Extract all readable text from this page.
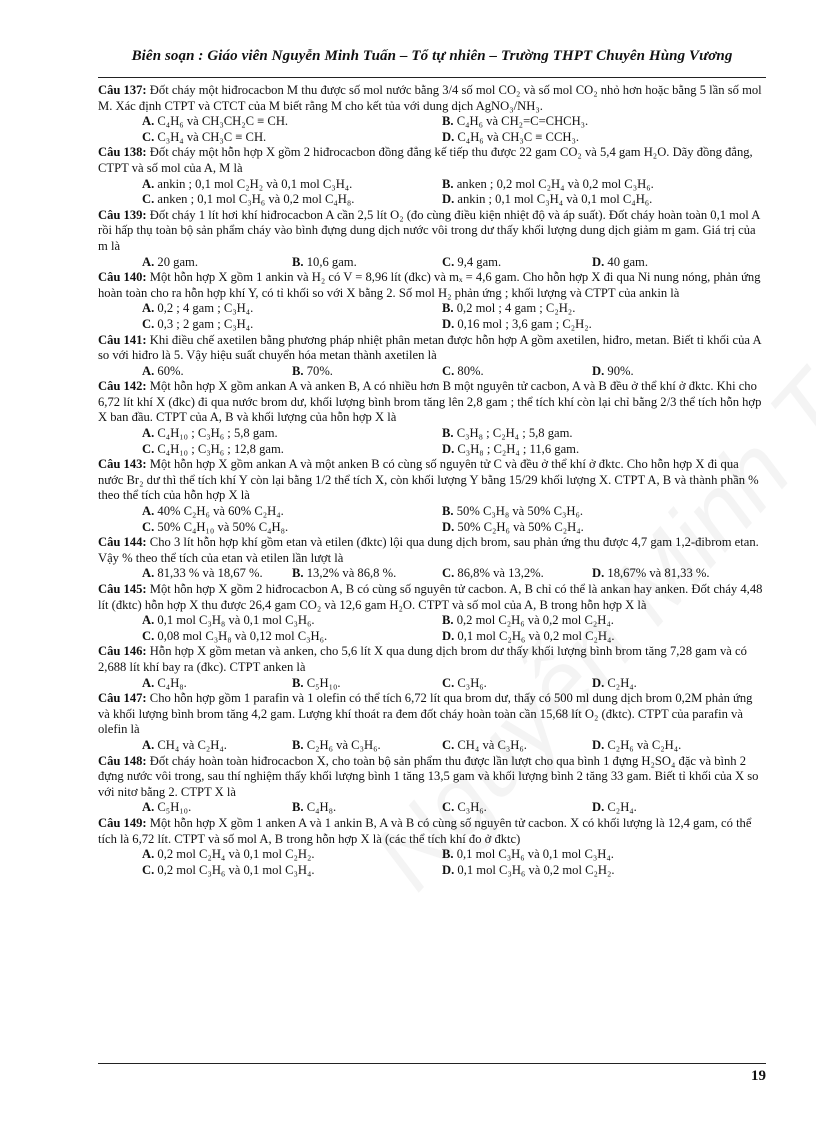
Biên soạn : Giáo viên Nguyễn Minh Tuấn – Tổ tự nhiên – Trường THPT Chuyên Hùng Vương

Câu 137: Đốt cháy một hiđrocacbon M thu được số mol nước bằng 3/4 số mol CO₂ và số mol CO₂ nhỏ hơn hoặc bằng 5 lần số mol M. Xác định CTPT và CTCT của M biết rằng M cho kết tủa với dung dịch AgNO₃/NH₃.

A. C₄H₆ và CH₃CH₂C ≡ CH.	B. C₄H₆ và CH₂=C=CHCH₃.
C. C₃H₄ và CH₃C ≡ CH.	D. C₄H₆ và CH₃C ≡ CCH₃.

Câu 138: Đốt cháy một hỗn hợp X gồm 2 hiđrocacbon đồng đẳng kế tiếp thu được 22 gam CO₂ và 5,4 gam H₂O. Dãy đồng đẳng, CTPT và số mol của A, M là

A. ankin ; 0,1 mol C₂H₂ và 0,1 mol C₃H₄.	B. anken ; 0,2 mol C₂H₄ và 0,2 mol C₃H₆.
C. anken ; 0,1 mol C₃H₆ và 0,2 mol C₄H₈.	D. ankin ; 0,1 mol C₃H₄ và 0,1 mol C₄H₆.

Câu 139: Đốt cháy 1 lít hơi khí hiđrocacbon A cần 2,5 lít O₂ (đo cùng điều kiện nhiệt độ và áp suất). Đốt cháy hoàn toàn 0,1 mol A rồi hấp thụ toàn bộ sản phẩm cháy vào bình đựng dung dịch nước vôi trong dư thấy khối lượng dung dịch giảm m gam. Giá trị của m là

A. 20 gam.	B. 10,6 gam.	C. 9,4 gam.	D. 40 gam.

Câu 140: Một hỗn hợp X gồm 1 ankin và H₂ có V = 8,96 lít (đkc) và mₓ = 4,6 gam. Cho hỗn hợp X đi qua Ni nung nóng, phản ứng hoàn toàn cho ra hỗn hợp khí Y, có tỉ khối so với X bằng 2. Số mol H₂ phản ứng ; khối lượng và CTPT của ankin là

A. 0,2 ; 4 gam ; C₃H₄.	B. 0,2 mol ; 4 gam ; C₂H₂.
C. 0,3 ; 2 gam ; C₃H₄.	D. 0,16 mol ; 3,6 gam ; C₂H₂.

Câu 141: Khi điều chế axetilen bằng phương pháp nhiệt phân metan được hỗn hợp A gồm axetilen, hiđro, metan. Biết tỉ khối của A so với hiđro là 5. Vậy hiệu suất chuyển hóa metan thành axetilen là

A. 60%.	B. 70%.	C. 80%.	D. 90%.

Câu 142: Một hỗn hợp X gồm ankan A và anken B, A có nhiều hơn B một nguyên tử cacbon, A và B đều ở thể khí ở đktc. Khi cho 6,72 lít khí X (đkc) đi qua nước brom dư, khối lượng bình brom tăng lên 2,8 gam ; thể tích khí còn lại chỉ bằng 2/3 thể tích hỗn hợp X ban đầu. CTPT của A, B và khối lượng của hỗn hợp X là

A. C₄H₁₀ ; C₃H₆ ; 5,8 gam.	B. C₃H₈ ; C₂H₄ ; 5,8 gam.
C. C₄H₁₀ ; C₃H₆ ; 12,8 gam.	D. C₃H₈ ; C₂H₄ ; 11,6 gam.

Câu 143: Một hỗn hợp X gồm ankan A và một anken B có cùng số nguyên tử C và đều ở thể khí ở đktc. Cho hỗn hợp X đi qua nước Br₂ dư thì thể tích khí Y còn lại bằng 1/2 thể tích X, còn khối lượng Y bằng 15/29 khối lượng X. CTPT A, B và thành phần % theo thể tích của hỗn hợp X là

A. 40% C₂H₆ và 60% C₂H₄.	B. 50% C₃H₈ và 50% C₃H₆.
C. 50% C₄H₁₀ và 50% C₄H₈.	D. 50% C₂H₆ và 50% C₂H₄.

Câu 144: Cho 3 lít hỗn hợp khí gồm etan và etilen (đktc) lội qua dung dịch brom, sau phản ứng thu được 4,7 gam 1,2-đibrom etan. Vậy % theo thể tích của etan và etilen lần lượt là

A. 81,33 % và 18,67 %.	B. 13,2% và 86,8 %.	C. 86,8% và 13,2%.	D. 18,67% và 81,33 %.

Câu 145: Một hỗn hợp X gồm 2 hiđrocacbon A, B có cùng số nguyên tử cacbon. A, B chỉ có thể là ankan hay anken. Đốt cháy 4,48 lít (đktc) hỗn hợp X thu được 26,4 gam CO₂ và 12,6 gam H₂O. CTPT và số mol của A, B trong hỗn hợp X là

A. 0,1 mol C₃H₈ và 0,1 mol C₃H₆.	B. 0,2 mol C₂H₆ và 0,2 mol C₂H₄.
C. 0,08 mol C₃H₈ và 0,12 mol C₃H₆.	D. 0,1 mol C₂H₆ và 0,2 mol C₂H₄.

Câu 146: Hỗn hợp X gồm metan và anken, cho 5,6 lít X qua dung dịch brom dư thấy khối lượng bình brom tăng 7,28 gam và có 2,688 lít khí bay ra (đkc). CTPT anken là

A. C₄H₈.	B. C₅H₁₀.	C. C₃H₆.	D. C₂H₄.

Câu 147: Cho hỗn hợp gồm 1 parafin và 1 olefin có thể tích 6,72 lít qua brom dư, thấy có 500 ml dung dịch brom 0,2M phản ứng và khối lượng bình brom tăng 4,2 gam. Lượng khí thoát ra đem đốt cháy hoàn toàn cần 15,68 lít O₂ (đktc). CTPT của parafin và olefin là

A. CH₄ và C₂H₄.	B. C₂H₆ và C₃H₆.	C. CH₄ và C₃H₆.	D. C₂H₆ và C₂H₄.

Câu 148: Đốt cháy hoàn toàn hiđrocacbon X, cho toàn bộ sản phẩm thu được lần lượt cho qua bình 1 đựng H₂SO₄ đặc và bình 2 đựng nước vôi trong, sau thí nghiệm thấy khối lượng bình 1 tăng 13,5 gam và khối lượng bình 2 tăng 33 gam. Biết tỉ khối của X so với nitơ bằng 2. CTPT X là

A. C₅H₁₀.	B. C₄H₈.	C. C₃H₆.	D. C₂H₄.

Câu 149: Một hỗn hợp X gồm 1 anken A và 1 ankin B, A và B có cùng số nguyên tử cacbon. X có khối lượng là 12,4 gam, có thể tích là 6,72 lít. CTPT và số mol A, B trong hỗn hợp X là (các thể tích khí đo ở đktc)

A. 0,2 mol C₂H₄ và 0,1 mol C₂H₂.	B. 0,1 mol C₃H₆ và 0,1 mol C₃H₄.
C. 0,2 mol C₃H₆ và 0,1 mol C₃H₄.	D. 0,1 mol C₃H₆ và 0,2 mol C₂H₂.
19
